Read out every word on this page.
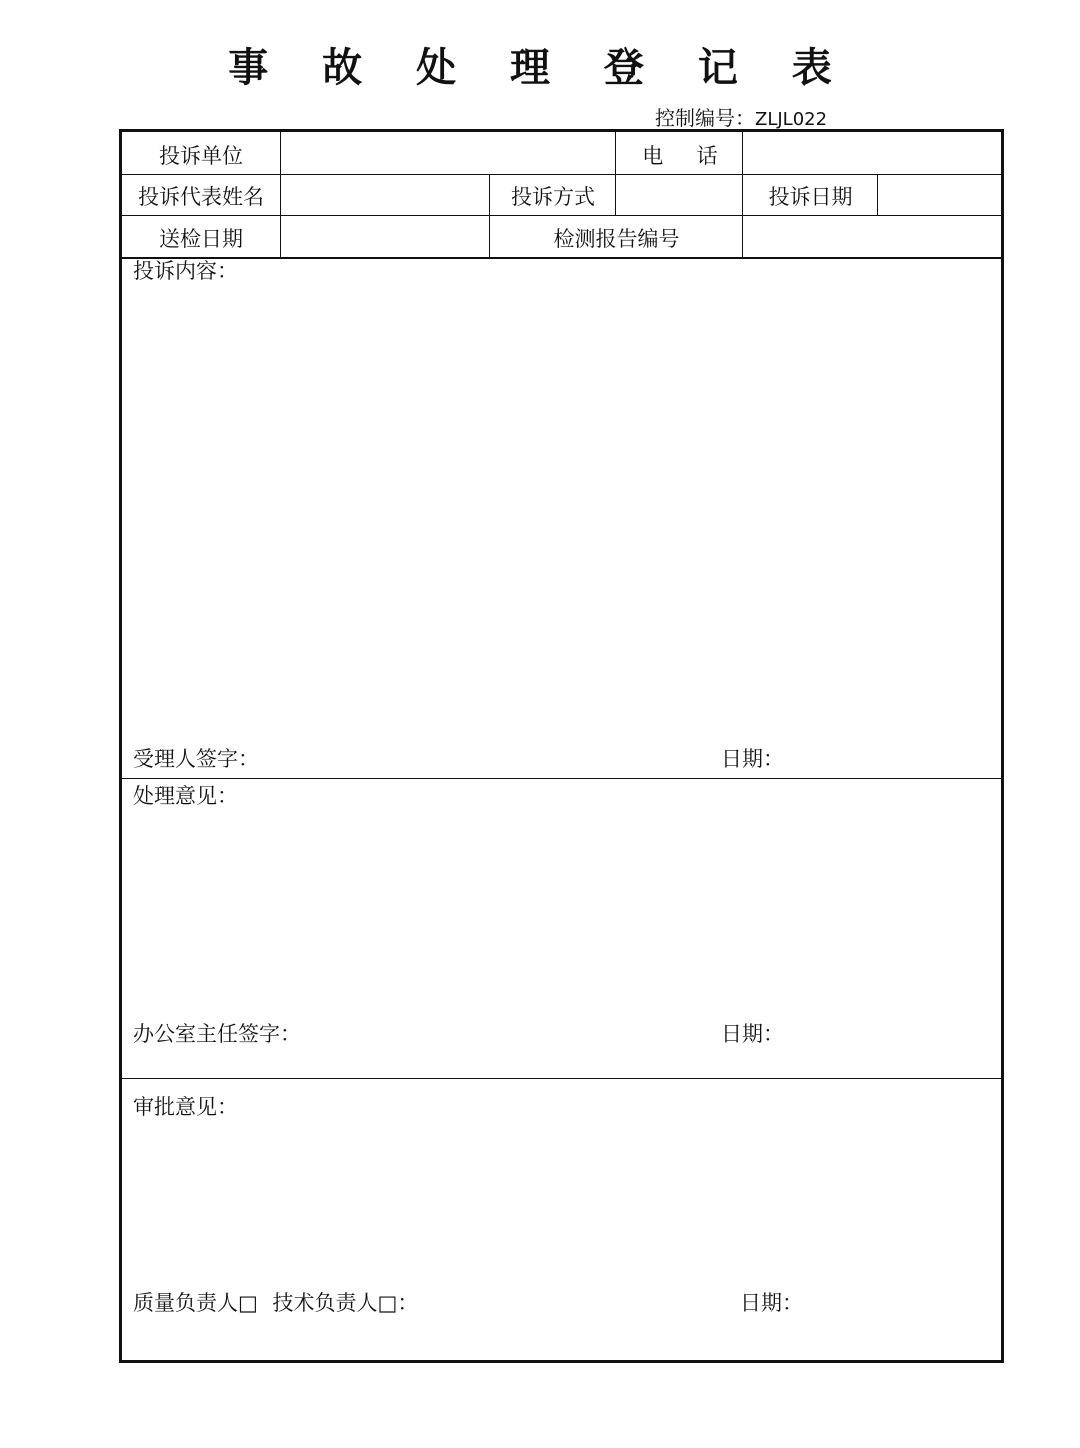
事 故 处 理 登 记 表
控制编号：ZLJL022
投诉单位	电     话
投诉代表姓名	投诉方式	投诉日期
送检日期	检测报告编号
投诉内容：
受理人签字：	日期：
处理意见：
办公室主任签字：	日期：
审批意见：
质量负责人□ 技术负责人□：	日期：
